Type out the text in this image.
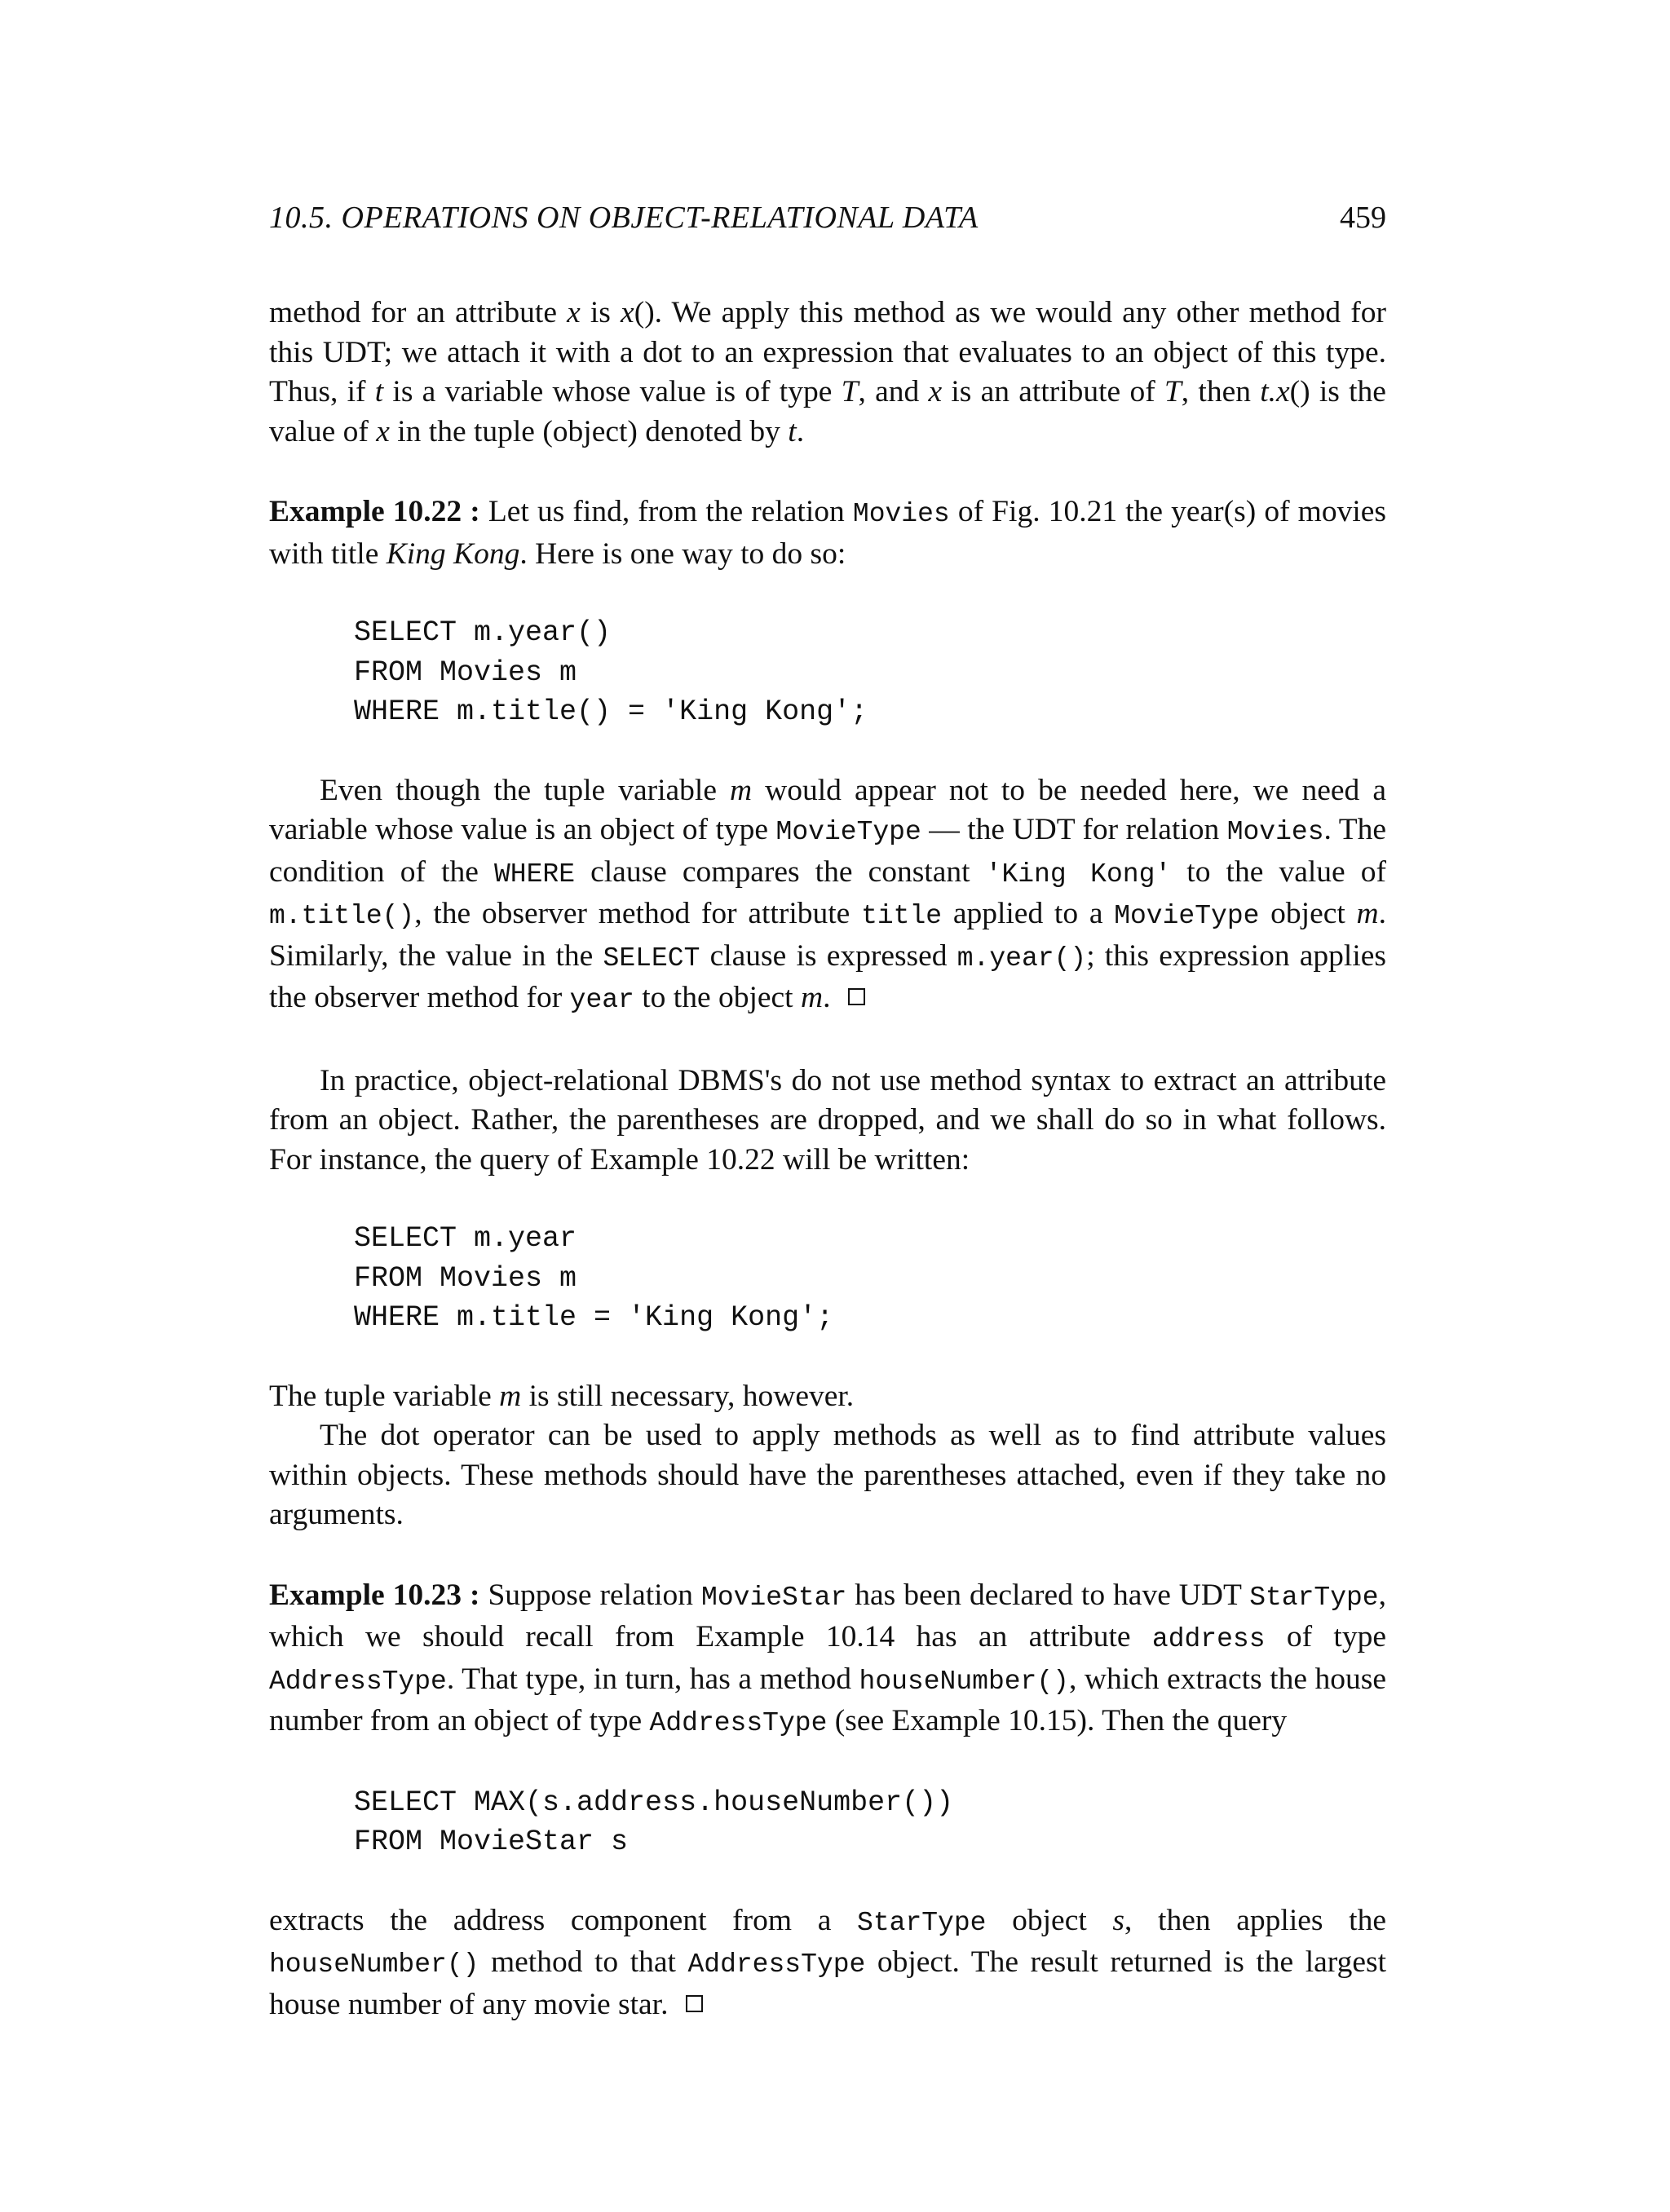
10.5. OPERATIONS ON OBJECT-RELATIONAL DATA	459

method for an attribute x is x(). We apply this method as we would any other method for this UDT; we attach it with a dot to an expression that evaluates to an object of this type. Thus, if t is a variable whose value is of type T, and x is an attribute of T, then t.x() is the value of x in the tuple (object) denoted by t.

Example 10.22 : Let us find, from the relation Movies of Fig. 10.21 the year(s) of movies with title King Kong. Here is one way to do so:

SELECT m.year()
FROM Movies m
WHERE m.title() = 'King Kong';

Even though the tuple variable m would appear not to be needed here, we need a variable whose value is an object of type MovieType — the UDT for relation Movies. The condition of the WHERE clause compares the constant 'King Kong' to the value of m.title(), the observer method for attribute title applied to a MovieType object m. Similarly, the value in the SELECT clause is expressed m.year(); this expression applies the observer method for year to the object m.

In practice, object-relational DBMS's do not use method syntax to extract an attribute from an object. Rather, the parentheses are dropped, and we shall do so in what follows. For instance, the query of Example 10.22 will be written:

SELECT m.year
FROM Movies m
WHERE m.title = 'King Kong';

The tuple variable m is still necessary, however.

The dot operator can be used to apply methods as well as to find attribute values within objects. These methods should have the parentheses attached, even if they take no arguments.

Example 10.23 : Suppose relation MovieStar has been declared to have UDT StarType, which we should recall from Example 10.14 has an attribute address of type AddressType. That type, in turn, has a method houseNumber(), which extracts the house number from an object of type AddressType (see Example 10.15). Then the query

SELECT MAX(s.address.houseNumber())
FROM MovieStar s

extracts the address component from a StarType object s, then applies the houseNumber() method to that AddressType object. The result returned is the largest house number of any movie star.
